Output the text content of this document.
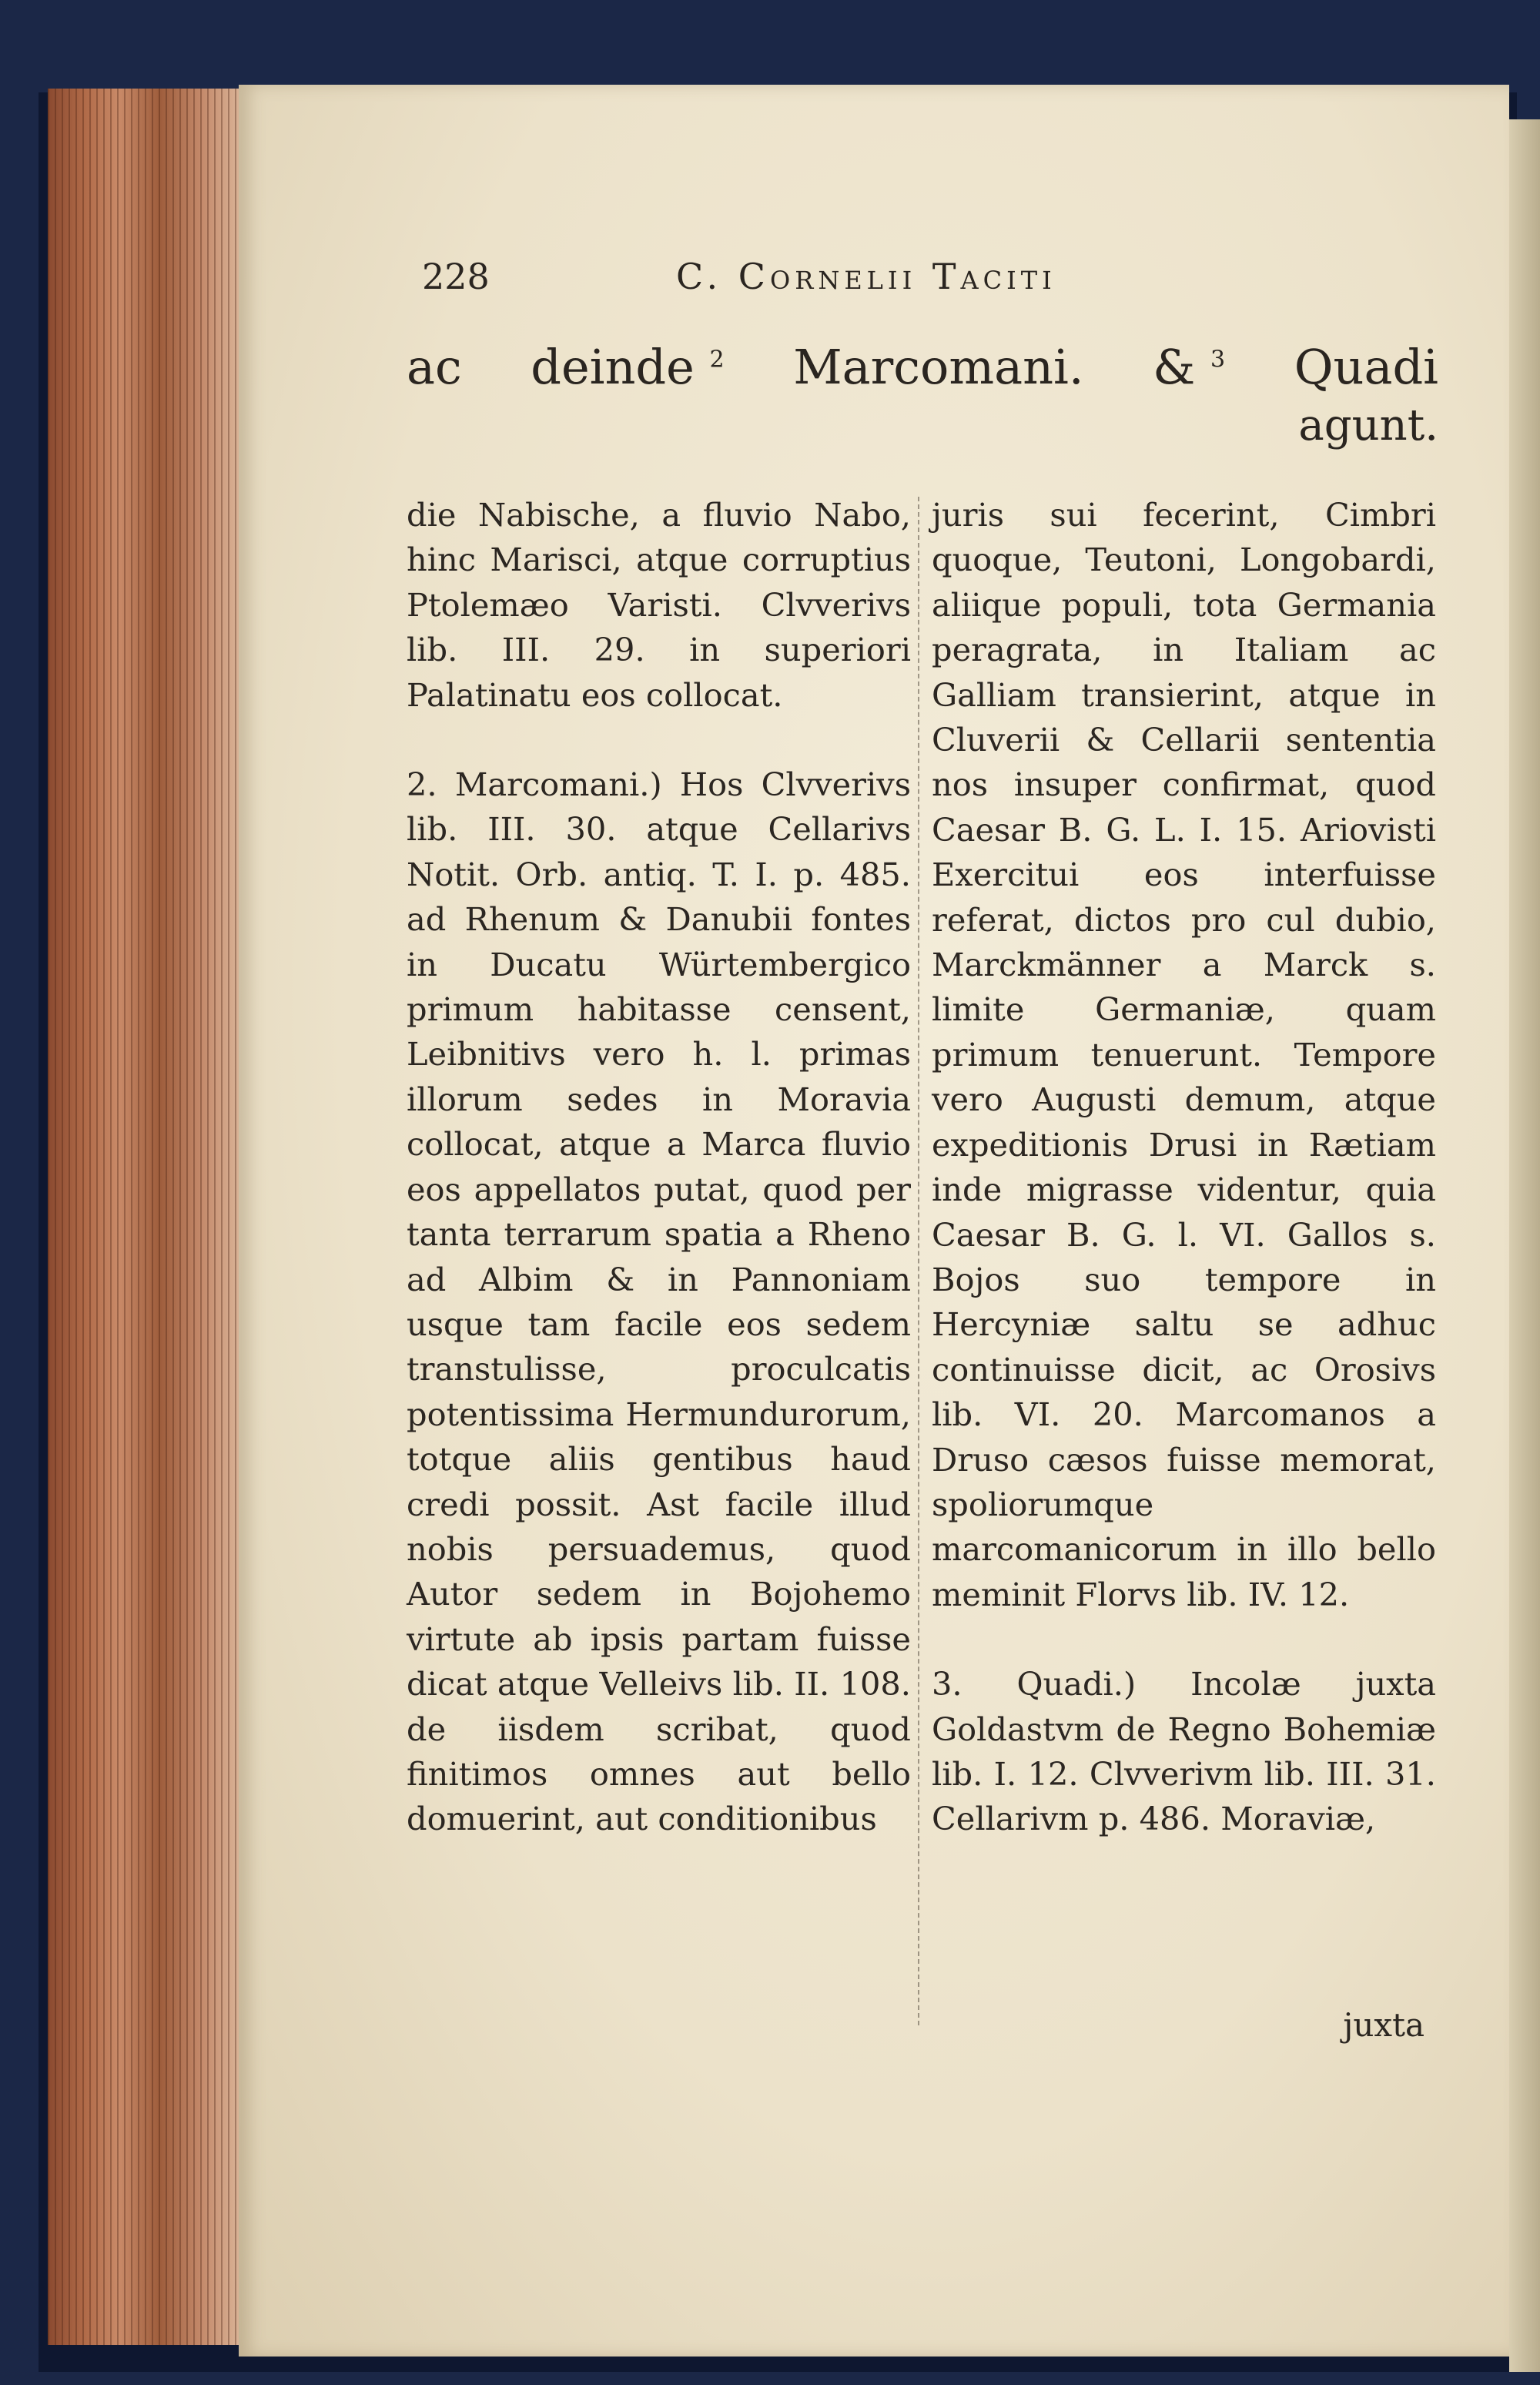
228	C. Cornelii Taciti
ac deinde $^2$ Marcomani. & $^3$ Quadi
agunt.

die Nabische, a fluvio Nabo, hinc Marisci, atque corruptius Ptolemæo Varisti. Clvverivs lib. III. 29. in superiori Palatinatu eos collocat.

2. Marcomani.) Hos Clvverivs lib. III. 30. atque Cellarivs Notit. Orb. antiq. T. I. p. 485. ad Rhenum & Danubii fontes in Ducatu Würtembergico primum habitasse censent, Leibnitivs vero h. l. primas illorum sedes in Moravia collocat, atque a Marca fluvio eos appellatos putat, quod per tanta terrarum spatia a Rheno ad Albim & in Pannoniam usque tam facile eos sedem transtulisse, proculcatis potentissima Hermundurorum, totque aliis gentibus haud credi possit. Ast facile illud nobis persuademus, quod Autor sedem in Bojohemo virtute ab ipsis partam fuisse dicat atque Velleivs lib. II. 108. de iisdem scribat, quod finitimos omnes aut bello domuerint, aut conditionibus

juris sui fecerint, Cimbri quoque, Teutoni, Longobardi, aliique populi, tota Germania peragrata, in Italiam ac Galliam transierint, atque in Cluverii & Cellarii sententia nos insuper confirmat, quod Caesar B. G. L. I. 15. Ariovisti Exercitui eos interfuisse referat, dictos pro cul dubio, Marckmänner a Marck s. limite Germaniæ, quam primum tenuerunt. Tempore vero Augusti demum, atque expeditionis Drusi in Rætiam inde migrasse videntur, quia Caesar B. G. l. VI. Gallos s. Bojos suo tempore in Hercyniæ saltu se adhuc continuisse dicit, ac Orosivs lib. VI. 20. Marcomanos a Druso cæsos fuisse memorat, spoliorumque marcomanicorum in illo bello meminit Florvs lib. IV. 12.

3. Quadi.) Incolæ juxta Goldastvm de Regno Bohemiæ lib. I. 12. Clvverivm lib. III. 31. Cellarivm p. 486. Moraviæ,

juxta
